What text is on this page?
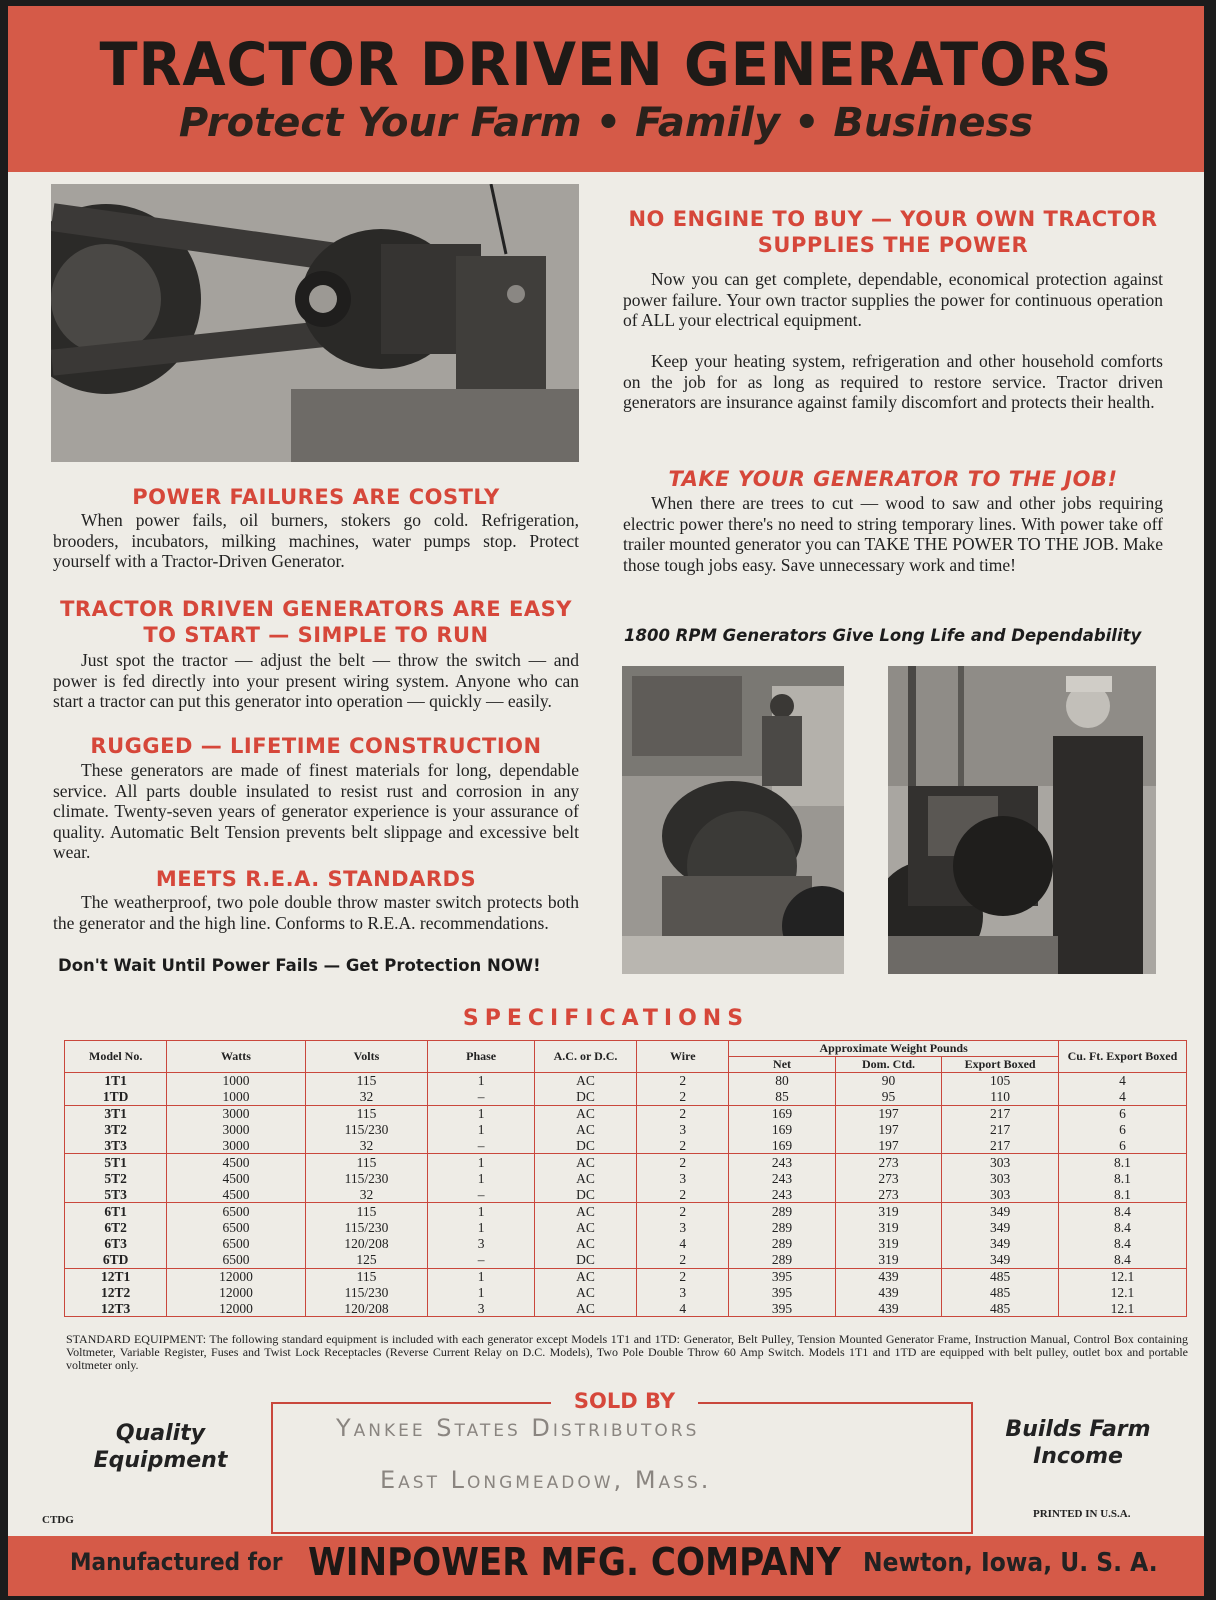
TRACTOR DRIVEN GENERATORS
Protect Your Farm • Family • Business
POWER FAILURES ARE COSTLY

When power fails, oil burners, stokers go cold. Refrigeration, brooders, incubators, milking machines, water pumps stop. Protect yourself with a Tractor-Driven Generator.

TRACTOR DRIVEN GENERATORS ARE EASY
TO START — SIMPLE TO RUN

Just spot the tractor — adjust the belt — throw the switch — and power is fed directly into your present wiring system. Anyone who can start a tractor can put this generator into operation — quickly — easily.

RUGGED — LIFETIME CONSTRUCTION

These generators are made of finest materials for long, dependable service. All parts double insulated to resist rust and corrosion in any climate. Twenty-seven years of generator experience is your assurance of quality. Automatic Belt Tension prevents belt slippage and excessive belt wear.

MEETS R.E.A. STANDARDS

The weatherproof, two pole double throw master switch protects both the generator and the high line. Conforms to R.E.A. recommendations.

Don't Wait Until Power Fails — Get Protection NOW!
NO ENGINE TO BUY — YOUR OWN TRACTOR
SUPPLIES THE POWER

Now you can get complete, dependable, economical protection against power failure. Your own tractor supplies the power for continuous operation of ALL your electrical equipment.

Keep your heating system, refrigeration and other household comforts on the job for as long as required to restore service. Tractor driven generators are insurance against family discomfort and protects their health.

TAKE YOUR GENERATOR TO THE JOB!

When there are trees to cut — wood to saw and other jobs requiring electric power there's no need to string temporary lines. With power take off trailer mounted generator you can TAKE THE POWER TO THE JOB. Make those tough jobs easy. Save unnecessary work and time!

1800 RPM Generators Give Long Life and Dependability
SPECIFICATIONS
Model No.	Watts	Volts	Phase	A.C. or D.C.	Wire	Approximate Weight Pounds			Cu. Ft. Export Boxed
						Net	Dom. Ctd.	Export Boxed	
1T1	1000	115	1	AC	2	80	90	105	4
1TD	1000	32	–	DC	2	85	95	110	4
3T1	3000	115	1	AC	2	169	197	217	6
3T2	3000	115/230	1	AC	3	169	197	217	6
3T3	3000	32	–	DC	2	169	197	217	6
5T1	4500	115	1	AC	2	243	273	303	8.1
5T2	4500	115/230	1	AC	3	243	273	303	8.1
5T3	4500	32	–	DC	2	243	273	303	8.1
6T1	6500	115	1	AC	2	289	319	349	8.4
6T2	6500	115/230	1	AC	3	289	319	349	8.4
6T3	6500	120/208	3	AC	4	289	319	349	8.4
6TD	6500	125	–	DC	2	289	319	349	8.4
12T1	12000	115	1	AC	2	395	439	485	12.1
12T2	12000	115/230	1	AC	3	395	439	485	12.1
12T3	12000	120/208	3	AC	4	395	439	485	12.1
STANDARD EQUIPMENT: The following standard equipment is included with each generator except Models 1T1 and 1TD: Generator, Belt Pulley, Tension Mounted Generator Frame, Instruction Manual, Control Box containing Voltmeter, Variable Register, Fuses and Twist Lock Receptacles (Reverse Current Relay on D.C. Models), Two Pole Double Throw 60 Amp Switch. Models 1T1 and 1TD are equipped with belt pulley, outlet box and portable voltmeter only.
Quality
Equipment
SOLD BY
Yankee States Distributors
East Longmeadow, Mass.
Builds Farm
Income
CTDG	PRINTED IN U.S.A.
Manufactured for WINPOWER MFG. COMPANY Newton, Iowa, U. S. A.
